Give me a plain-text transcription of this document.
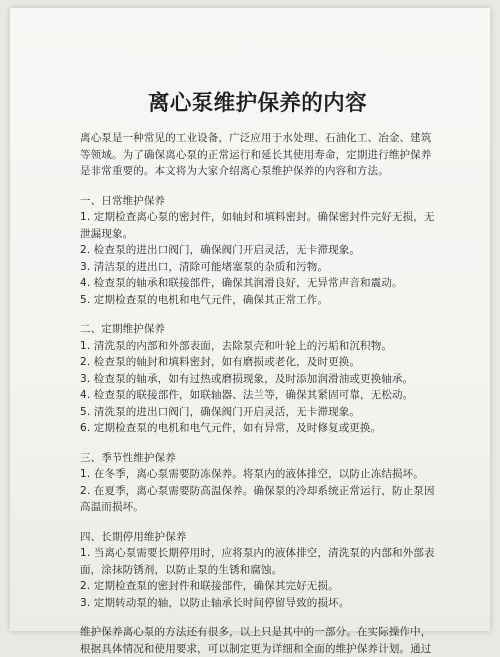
离心泵维护保养的内容

离心泵是一种常见的工业设备，广泛应用于水处理、石油化工、冶金、建筑等领域。为了确保离心泵的正常运行和延长其使用寿命，定期进行维护保养是非常重要的。本文将为大家介绍离心泵维护保养的内容和方法。

一、日常维护保养

1. 定期检查离心泵的密封件，如轴封和填料密封。确保密封件完好无损，无泄漏现象。

2. 检查泵的进出口阀门，确保阀门开启灵活，无卡滞现象。

3. 清洁泵的进出口，清除可能堵塞泵的杂质和污物。

4. 检查泵的轴承和联接部件，确保其润滑良好，无异常声音和震动。

5. 定期检查泵的电机和电气元件，确保其正常工作。

二、定期维护保养

1. 清洗泵的内部和外部表面，去除泵壳和叶轮上的污垢和沉积物。

2. 检查泵的轴封和填料密封，如有磨损或老化，及时更换。

3. 检查泵的轴承，如有过热或磨损现象，及时添加润滑油或更换轴承。

4. 检查泵的联接部件，如联轴器、法兰等，确保其紧固可靠，无松动。

5. 清洗泵的进出口阀门，确保阀门开启灵活，无卡滞现象。

6. 定期检查泵的电机和电气元件，如有异常，及时修复或更换。

三、季节性维护保养

1. 在冬季，离心泵需要防冻保养。将泵内的液体排空，以防止冻结损坏。

2. 在夏季，离心泵需要防高温保养。确保泵的冷却系统正常运行，防止泵因高温而损坏。

四、长期停用维护保养

1. 当离心泵需要长期停用时，应将泵内的液体排空，清洗泵的内部和外部表面，涂抹防锈剂，以防止泵的生锈和腐蚀。

2. 定期检查泵的密封件和联接部件，确保其完好无损。

3. 定期转动泵的轴，以防止轴承长时间停留导致的损坏。

维护保养离心泵的方法还有很多，以上只是其中的一部分。在实际操作中，根据具体情况和使用要求，可以制定更为详细和全面的维护保养计划。通过
